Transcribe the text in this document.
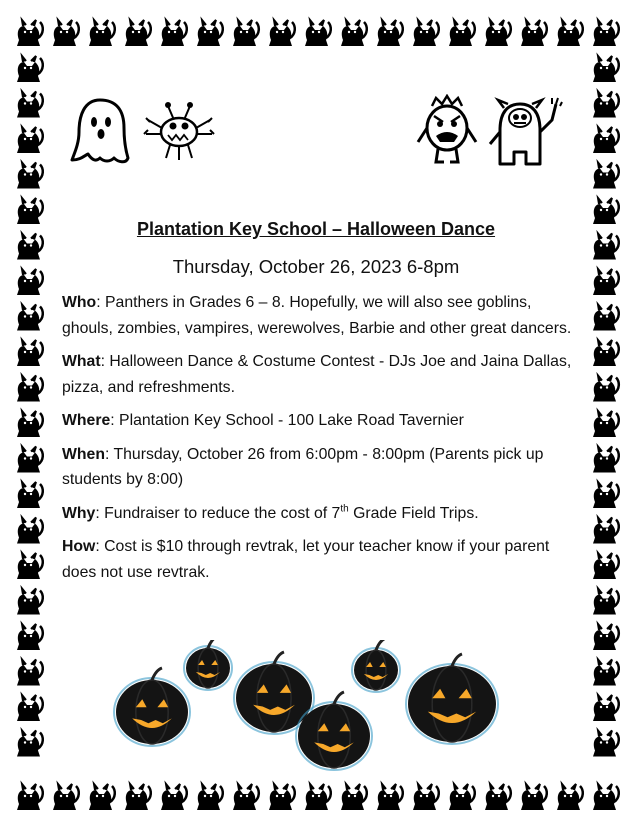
Plantation Key School – Halloween Dance
Thursday, October 26, 2023 6-8pm

Who: Panthers in Grades 6 – 8. Hopefully, we will also see goblins, ghouls, zombies, vampires, werewolves, Barbie and other great dancers.

What: Halloween Dance & Costume Contest - DJs Joe and Jaina Dallas, pizza, and refreshments.

Where: Plantation Key School - 100 Lake Road Tavernier

When: Thursday, October 26 from 6:00pm - 8:00pm (Parents pick up students by 8:00)

Why: Fundraiser to reduce the cost of 7th Grade Field Trips.

How: Cost is $10 through revtrak, let your teacher know if your parent does not use revtrak.
